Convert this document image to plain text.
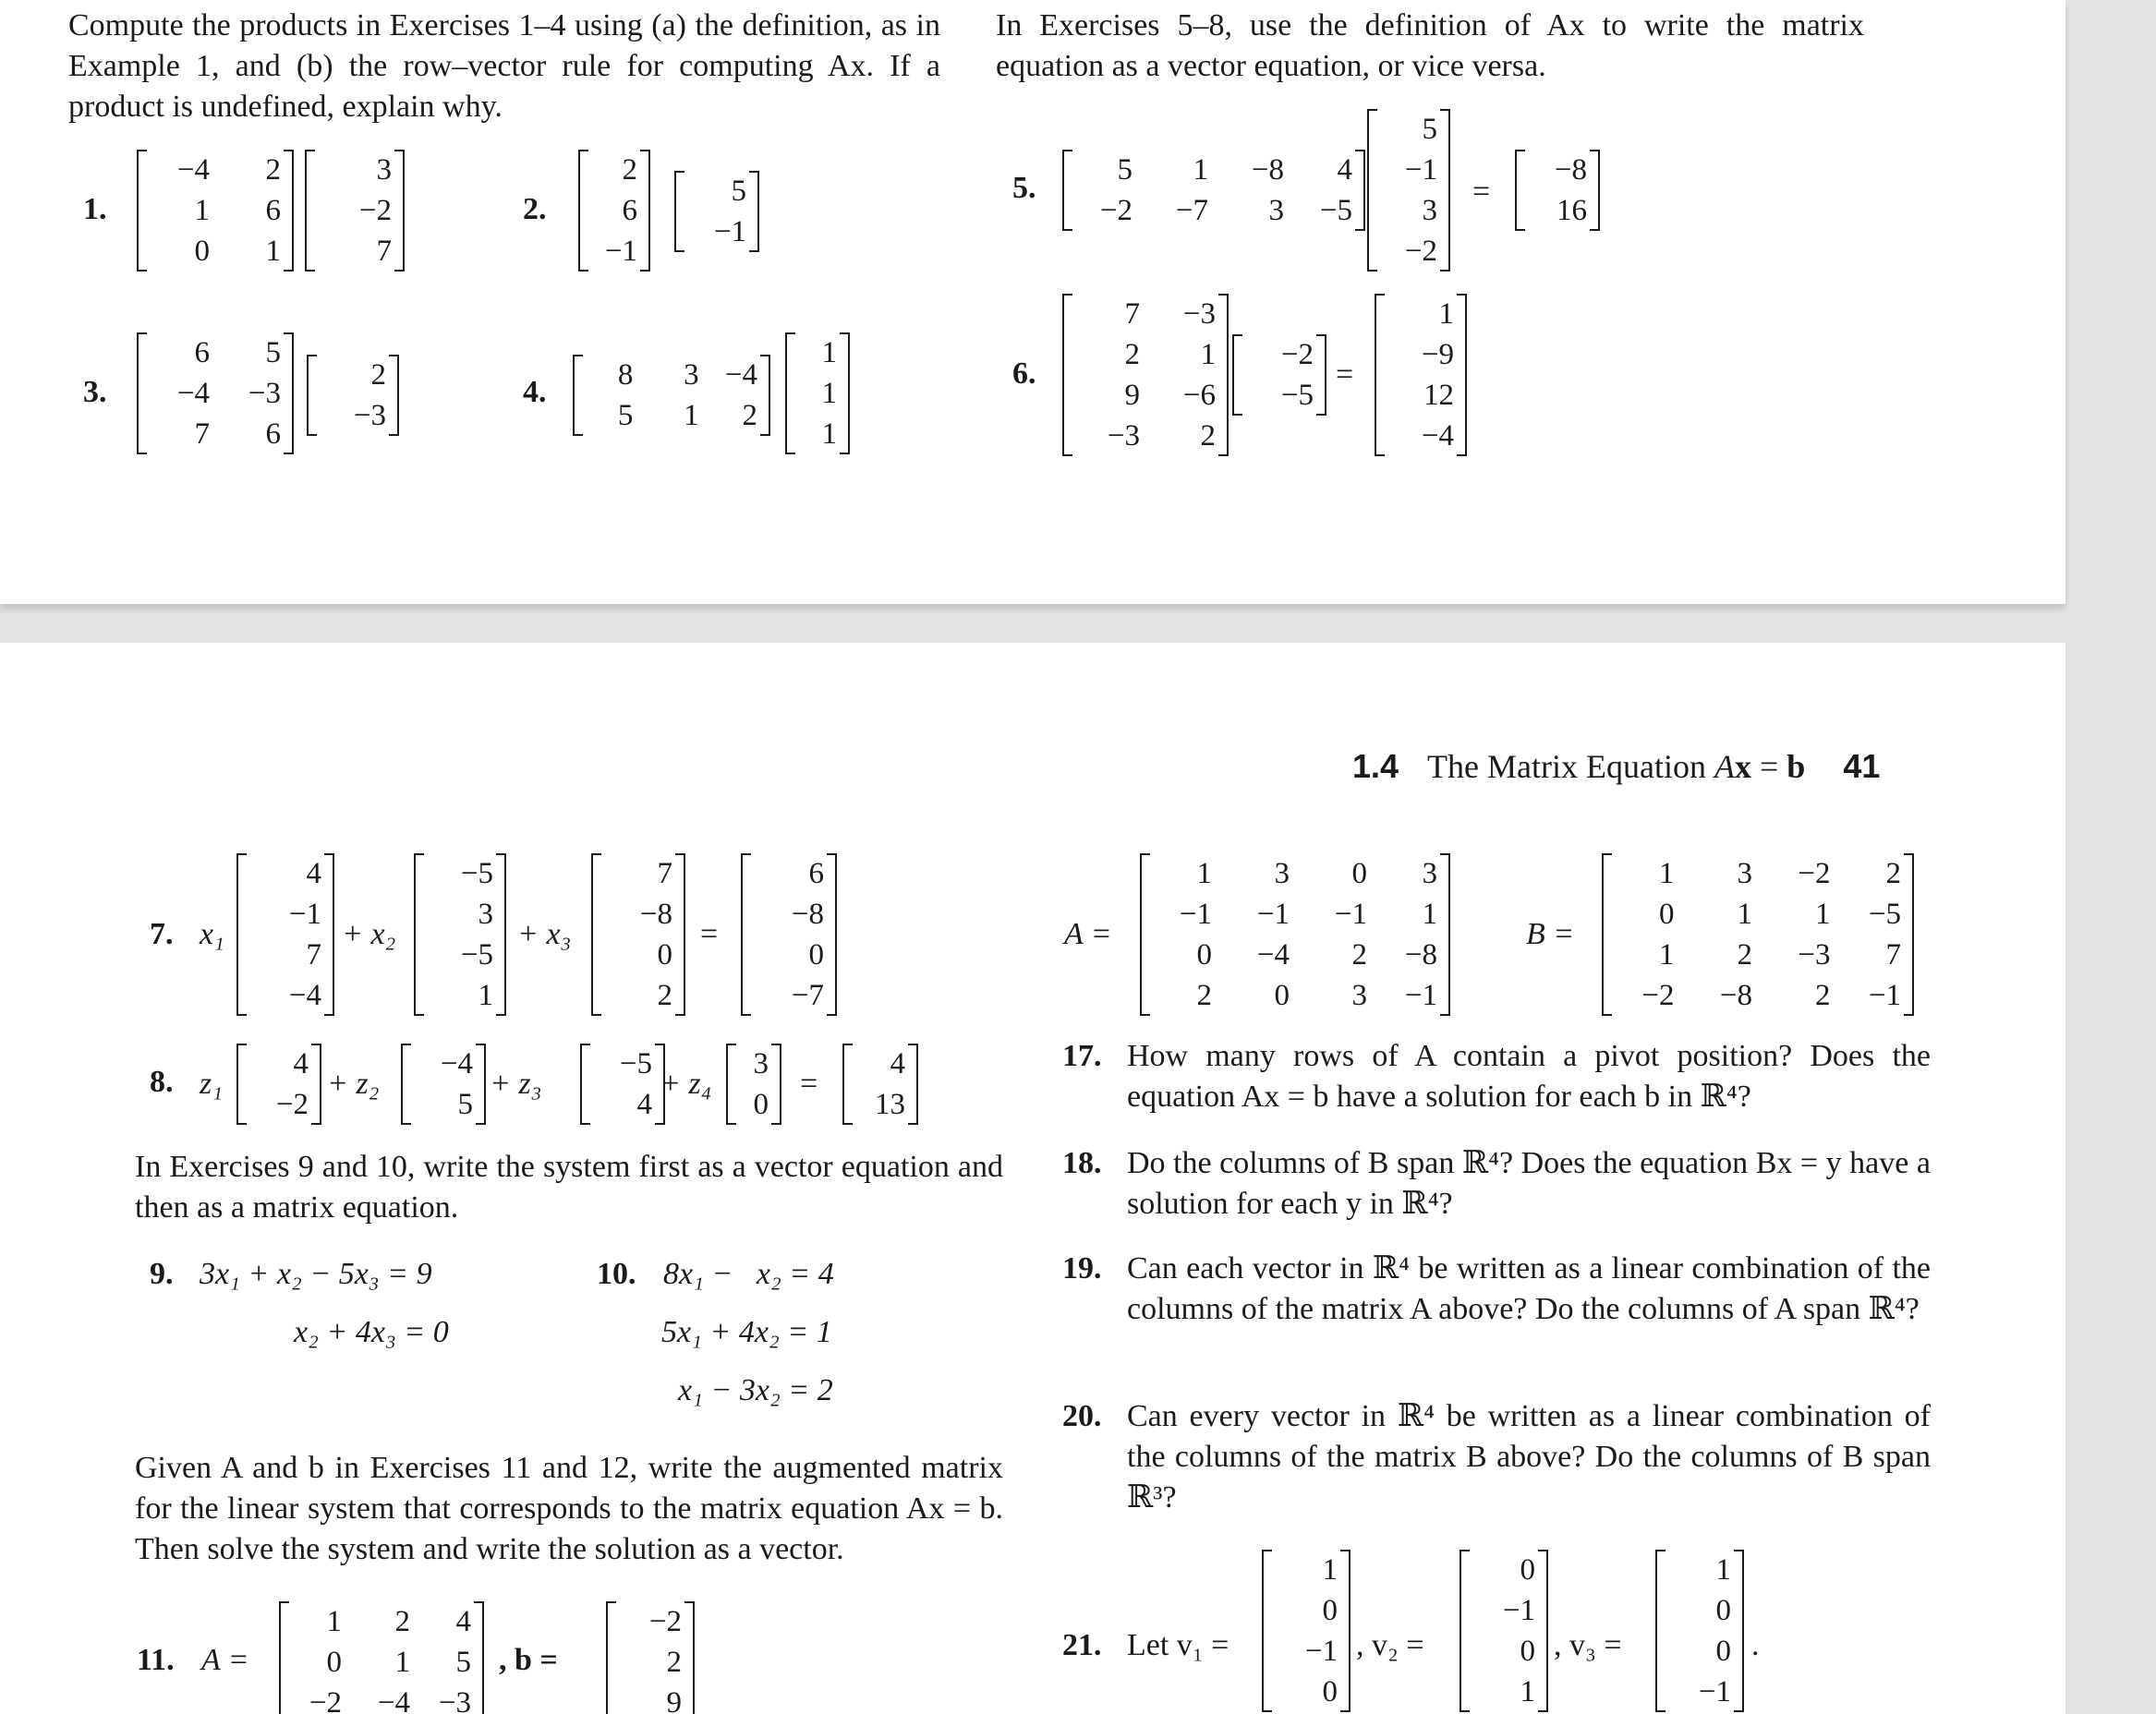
Compute the products in Exercises 1–4 using (a) the definition, as in Example 1, and (b) the row–vector rule for computing Ax. If a product is undefined, explain why.
In Exercises 5–8, use the definition of Ax to write the matrix equation as a vector equation, or vice versa.
1.
−4	2
1	6
0	1
3
−2
7
2.
2
6
−1
5
−1
3.
6	5
−4	−3
7	6
2
−3
4.
8	3	−4
5	1	2
1
1
1
5.
5	1	−8	4
−2	−7	3	−5
5
−1
3
−2
=
−8
16
6.
7	−3
2	1
9	−6
−3	2
−2
−5
=
1
−9
12
−4
1.4 The Matrix Equation Ax = b 41
7. x₁
4
−1
7
−4
+ x₂
−5
3
−5
1
+ x₃
7
−8
0
2
=
6
−8
0
−7
8. z₁
4
−2
+ z₂
−4
5
+ z₃
−5
4
+ z₄
3
0
=
4
13
In Exercises 9 and 10, write the system first as a vector equation and then as a matrix equation.
9. 3x₁ + x₂ − 5x₃ = 9
x₂ + 4x₃ = 0
10. 8x₁ −   x₂ = 4
5x₁ + 4x₂ = 1
x₁ − 3x₂ = 2
Given A and b in Exercises 11 and 12, write the augmented matrix for the linear system that corresponds to the matrix equation Ax = b. Then solve the system and write the solution as a vector.
11. A =
1	2	4
0	1	5
−2	−4	−3
, b =
−2
2
9
A =
1	3	0	3
−1	−1	−1	1
0	−4	2	−8
2	0	3	−1
B =
1	3	−2	2
0	1	1	−5
1	2	−3	7
−2	−8	2	−1
17. How many rows of A contain a pivot position? Does the equation Ax = b have a solution for each b in ℝ⁴?
18. Do the columns of B span ℝ⁴? Does the equation Bx = y have a solution for each y in ℝ⁴?
19. Can each vector in ℝ⁴ be written as a linear combination of the columns of the matrix A above? Do the columns of A span ℝ⁴?
20. Can every vector in ℝ⁴ be written as a linear combination of the columns of the matrix B above? Do the columns of B span ℝ³?
21. Let v₁ =
1
0
−1
0
, v₂ =
0
−1
0
1
, v₃ =
1
0
0
−1
.
